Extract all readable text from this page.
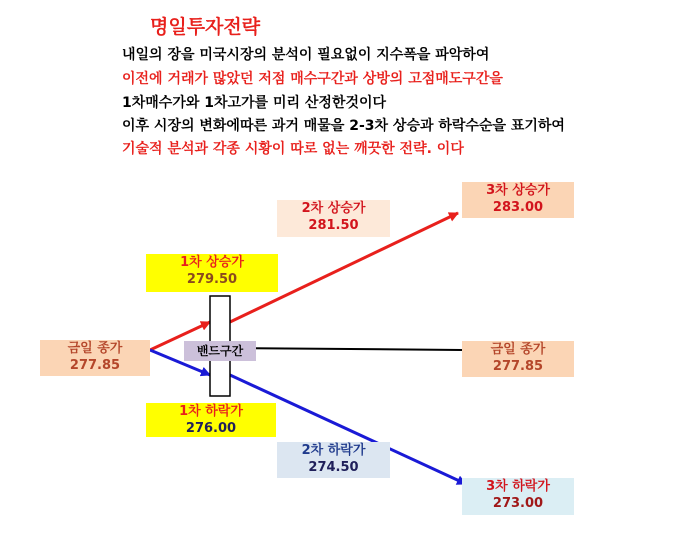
명일투자전략
내일의 장을 미국시장의 분석이 필요없이 지수폭을 파악하여
이전에 거래가 많았던 저점 매수구간과 상방의 고점매도구간을
1차매수가와 1차고가를 미리 산정한것이다
이후 시장의 변화에따른 과거 매물을 2-3차 상승과 하락수순을 표기하여
기술적 분석과 각종 시황이 따로 없는 깨끗한 전략. 이다
밴드구간
금일 종가
277.85
2차 상승가
281.50
3차 상승가
283.00
1차 상승가
279.50
금일 종가
277.85
1차 하락가
276.00
2차 하락가
274.50
3차 하락가
273.00
